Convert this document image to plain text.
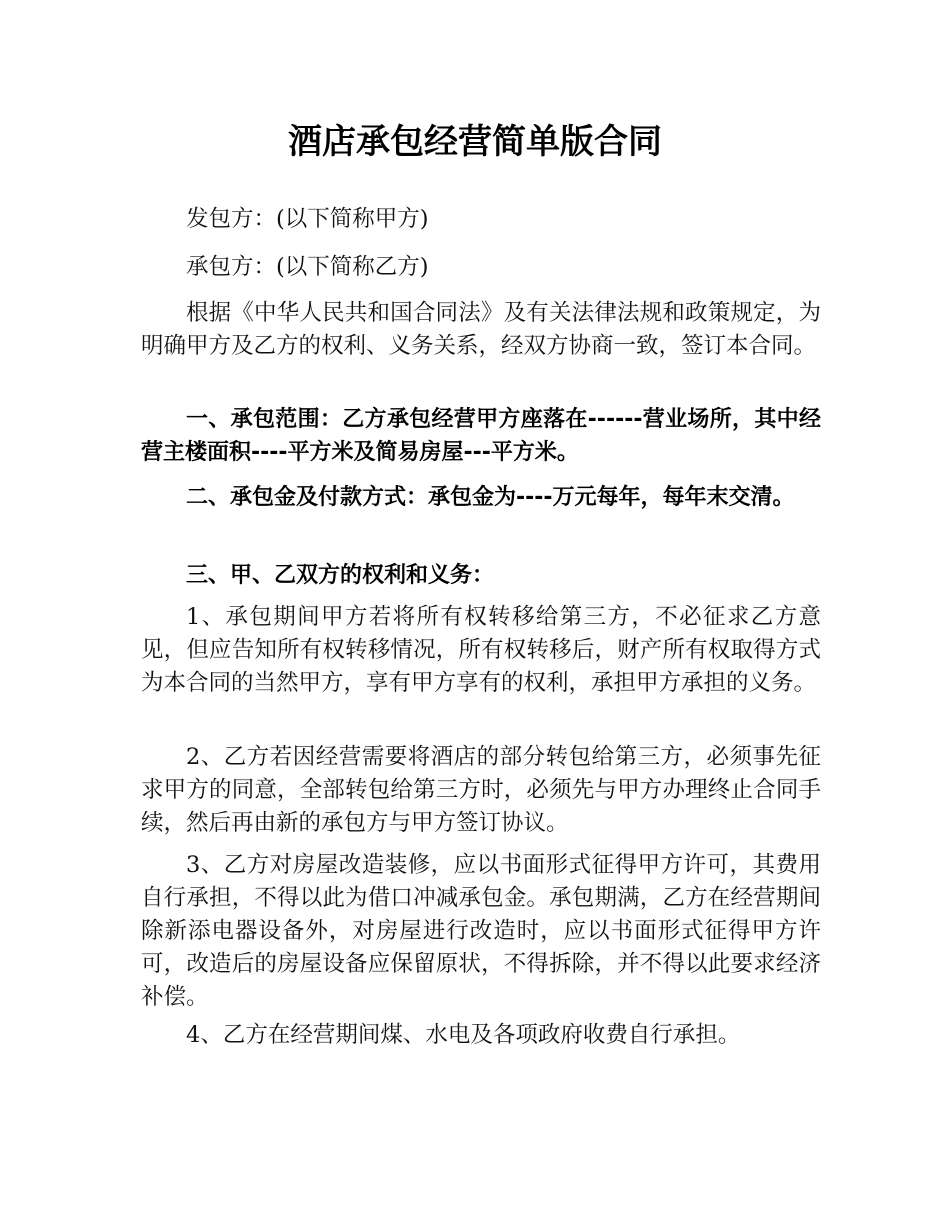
酒店承包经营简单版合同

发包方：(以下简称甲方)

承包方：(以下简称乙方)

根据《中华人民共和国合同法》及有关法律法规和政策规定，为明确甲方及乙方的权利、义务关系，经双方协商一致，签订本合同。

一、承包范围：乙方承包经营甲方座落在------营业场所，其中经营主楼面积----平方米及简易房屋---平方米。

二、承包金及付款方式：承包金为----万元每年，每年末交清。

三、甲、乙双方的权利和义务：

1、承包期间甲方若将所有权转移给第三方，不必征求乙方意见，但应告知所有权转移情况，所有权转移后，财产所有权取得方式为本合同的当然甲方，享有甲方享有的权利，承担甲方承担的义务。

2、乙方若因经营需要将酒店的部分转包给第三方，必须事先征求甲方的同意，全部转包给第三方时，必须先与甲方办理终止合同手续，然后再由新的承包方与甲方签订协议。

3、乙方对房屋改造装修，应以书面形式征得甲方许可，其费用自行承担，不得以此为借口冲减承包金。承包期满，乙方在经营期间除新添电器设备外，对房屋进行改造时，应以书面形式征得甲方许可，改造后的房屋设备应保留原状，不得拆除，并不得以此要求经济补偿。

4、乙方在经营期间煤、水电及各项政府收费自行承担。
